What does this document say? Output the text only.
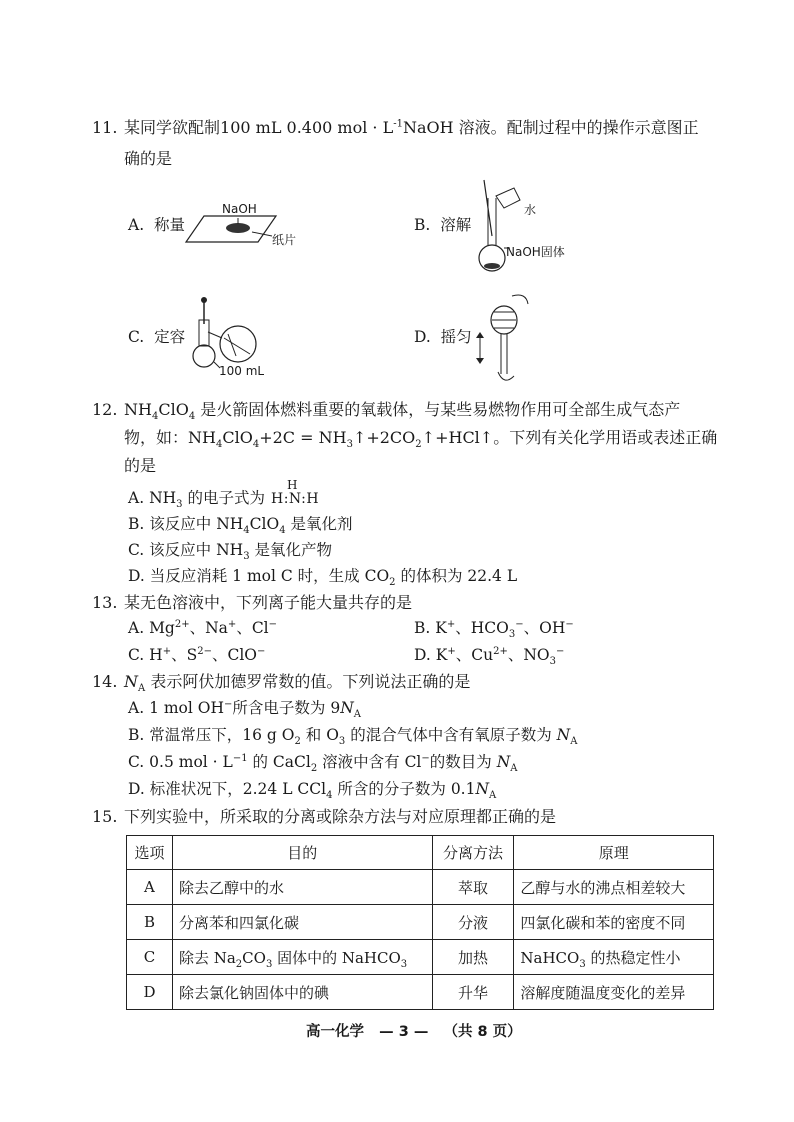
11. 某同学欲配制100 mL 0.400 mol · $L^{-1}NaOH$ 溶液。配制过程中的操作示意图正
确的是
A. 称量
NaOH
纸片
B. 溶解
水
NaOH固体
C. 定容
100 mL
D. 摇匀
12. $NH_4ClO_4$ 是火箭固体燃料重要的氧载体，与某些易燃物作用可全部生成气态产
物，如：$NH_4ClO_4+2C$ = $NH_3↑+2CO_2↑+HCl↑$。下列有关化学用语或表述正确
的是
A. $NH_3$ 的电子式为
H
H:N:H
B. 该反应中 $NH_4ClO_4$ 是氧化剂
C. 该反应中 $NH_3$ 是氧化产物
D. 当反应消耗 1 mol C 时，生成 $CO_2$ 的体积为 22.4 L
13. 某无色溶液中，下列离子能大量共存的是
A. $Mg^{2+}$、Na+、Cl−	B. K+、$HCO_3^-$、OH−
C. H+、$S^{2-}$、ClO−	D. K+、$Cu^{2+}$、$NO_3^-$
14. $N_A$ 表示阿伏加德罗常数的值。下列说法正确的是
A. 1 mol OH−所含电子数为 $9N_A$
B. 常温常压下，16 g $O_2$ 和 $O_3$ 的混合气体中含有氧原子数为 $N_A$
C. 0.5 mol · $L^{-1}$ 的 CaCl$_2$ 溶液中含有 Cl−的数目为 $N_A$
D. 标准状况下，2.24 L CCl$_4$ 所含的分子数为 $0.1N_A$
15. 下列实验中，所采取的分离或除杂方法与对应原理都正确的是
选项	目的	分离方法	原理
A	除去乙醇中的水	萃取	乙醇与水的沸点相差较大
B	分离苯和四氯化碳	分液	四氯化碳和苯的密度不同
C	除去 $Na_2CO_3$ 固体中的 NaHCO$_3$	加热	NaHCO$_3$ 的热稳定性小
D	除去氯化钠固体中的碘	升华	溶解度随温度变化的差异
高一化学 — 3 — （共 8 页）
